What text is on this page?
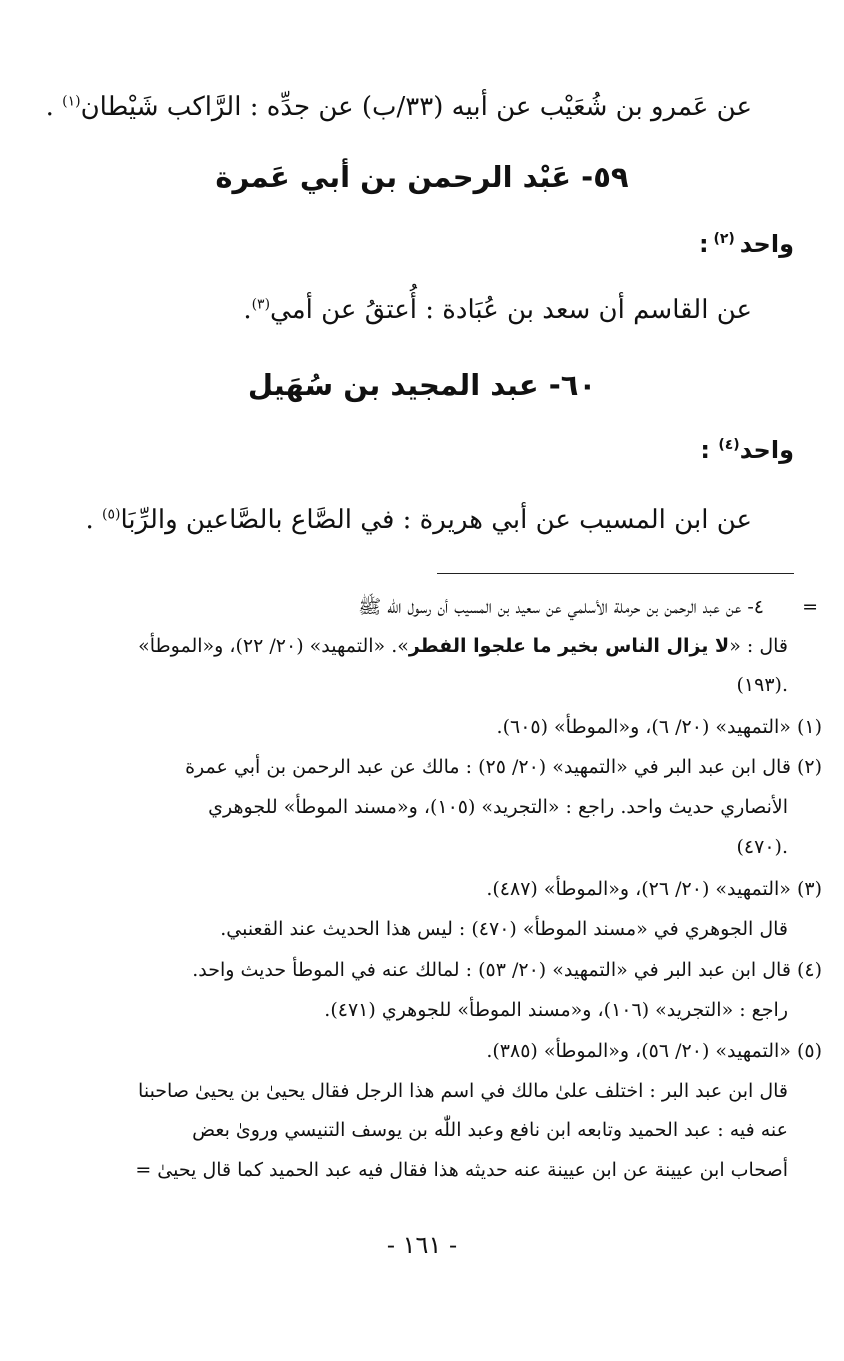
عن عَمرو بن شُعَيْب عن أبيه (٣٣/ب) عن جدِّه : الرَّاكب شَيْطان$^{(١)}$ .
٥٩- عَبْد الرحمن بن أبي عَمرة
واحد $^{(٢)}$ :
عن القاسم أن سعد بن عُبَادة : أُعتقُ عن أمي$^{(٣)}$.
٦٠- عبد المجيد بن سُهَيل
واحد$^{(٤)}$ :
عن ابن المسيب عن أبي هريرة : في الصَّاع بالصَّاعين والرِّبَا$^{(٥)}$ .
=
٤- عن عبد الرحمن بن حرملة الأسلمي عن سعيد بن المسيب أن رسول الله ﷺ
قال : «لا يزال الناس بخير ما علجوا الفطر». «التمهيد» (٢٠/ ٢٢)، و«الموطأ»
(١٩٣).
(١) «التمهيد» (٢٠/ ٦)، و«الموطأ» (٦٠٥).
(٢) قال ابن عبد البر في «التمهيد» (٢٠/ ٢٥) : مالك عن عبد الرحمن بن أبي عمرة
الأنصاري حديث واحد. راجع : «التجريد» (١٠٥)، و«مسند الموطأ» للجوهري
(٤٧٠).
(٣) «التمهيد» (٢٠/ ٢٦)، و«الموطأ» (٤٨٧).
قال الجوهري في «مسند الموطأ» (٤٧٠) : ليس هذا الحديث عند القعنبي.
(٤) قال ابن عبد البر في «التمهيد» (٢٠/ ٥٣) : لمالك عنه في الموطأ حديث واحد.
راجع : «التجريد» (١٠٦)، و«مسند الموطأ» للجوهري (٤٧١).
(٥) «التمهيد» (٢٠/ ٥٦)، و«الموطأ» (٣٨٥).
قال ابن عبد البر : اختلف علىٰ مالك في اسم هذا الرجل فقال يحيىٰ بن يحيىٰ صاحبنا
عنه فيه : عبد الحميد وتابعه ابن نافع وعبد اللّٰه بن يوسف التنيسي وروىٰ بعض
أصحاب ابن عيينة عن ابن عيينة عنه حديثه هذا فقال فيه عبد الحميد كما قال يحيىٰ =
- ١٦١ -
